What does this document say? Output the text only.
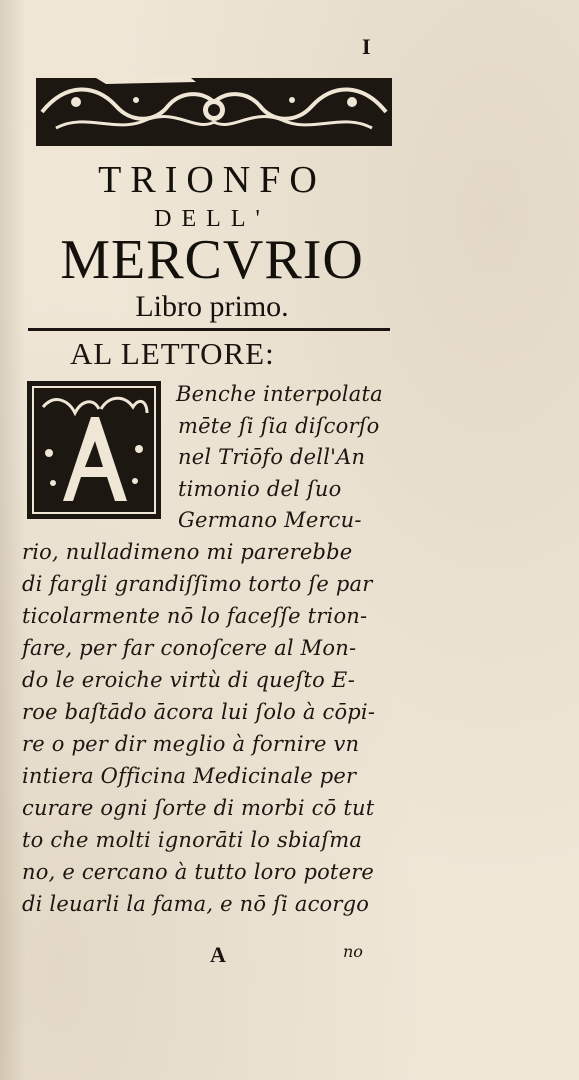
I
TRIONFO
DELL'
MERCVRIO
Libro primo.
AL LETTORE:
Benche interpolata
mēte ſi ſia diſcorſo
nel Triōfo dell'An
timonio del ſuo
Germano Mercu-
rio, nulladimeno mi parerebbe
di fargli grandiſſimo torto ſe par
ticolarmente nō lo faceſſe trion-
fare, per far conoſcere al Mon-
do le eroiche virtù di queſto E-
roe baſtādo ācora lui ſolo à cōpi-
re o per dir meglio à fornire vn
intiera Officina Medicinale per
curare ogni ſorte di morbi cō tut
to che molti ignorāti lo sbiaſma
no, e cercano à tutto loro potere
di leuarli la fama, e nō ſi acorgo
A	no
